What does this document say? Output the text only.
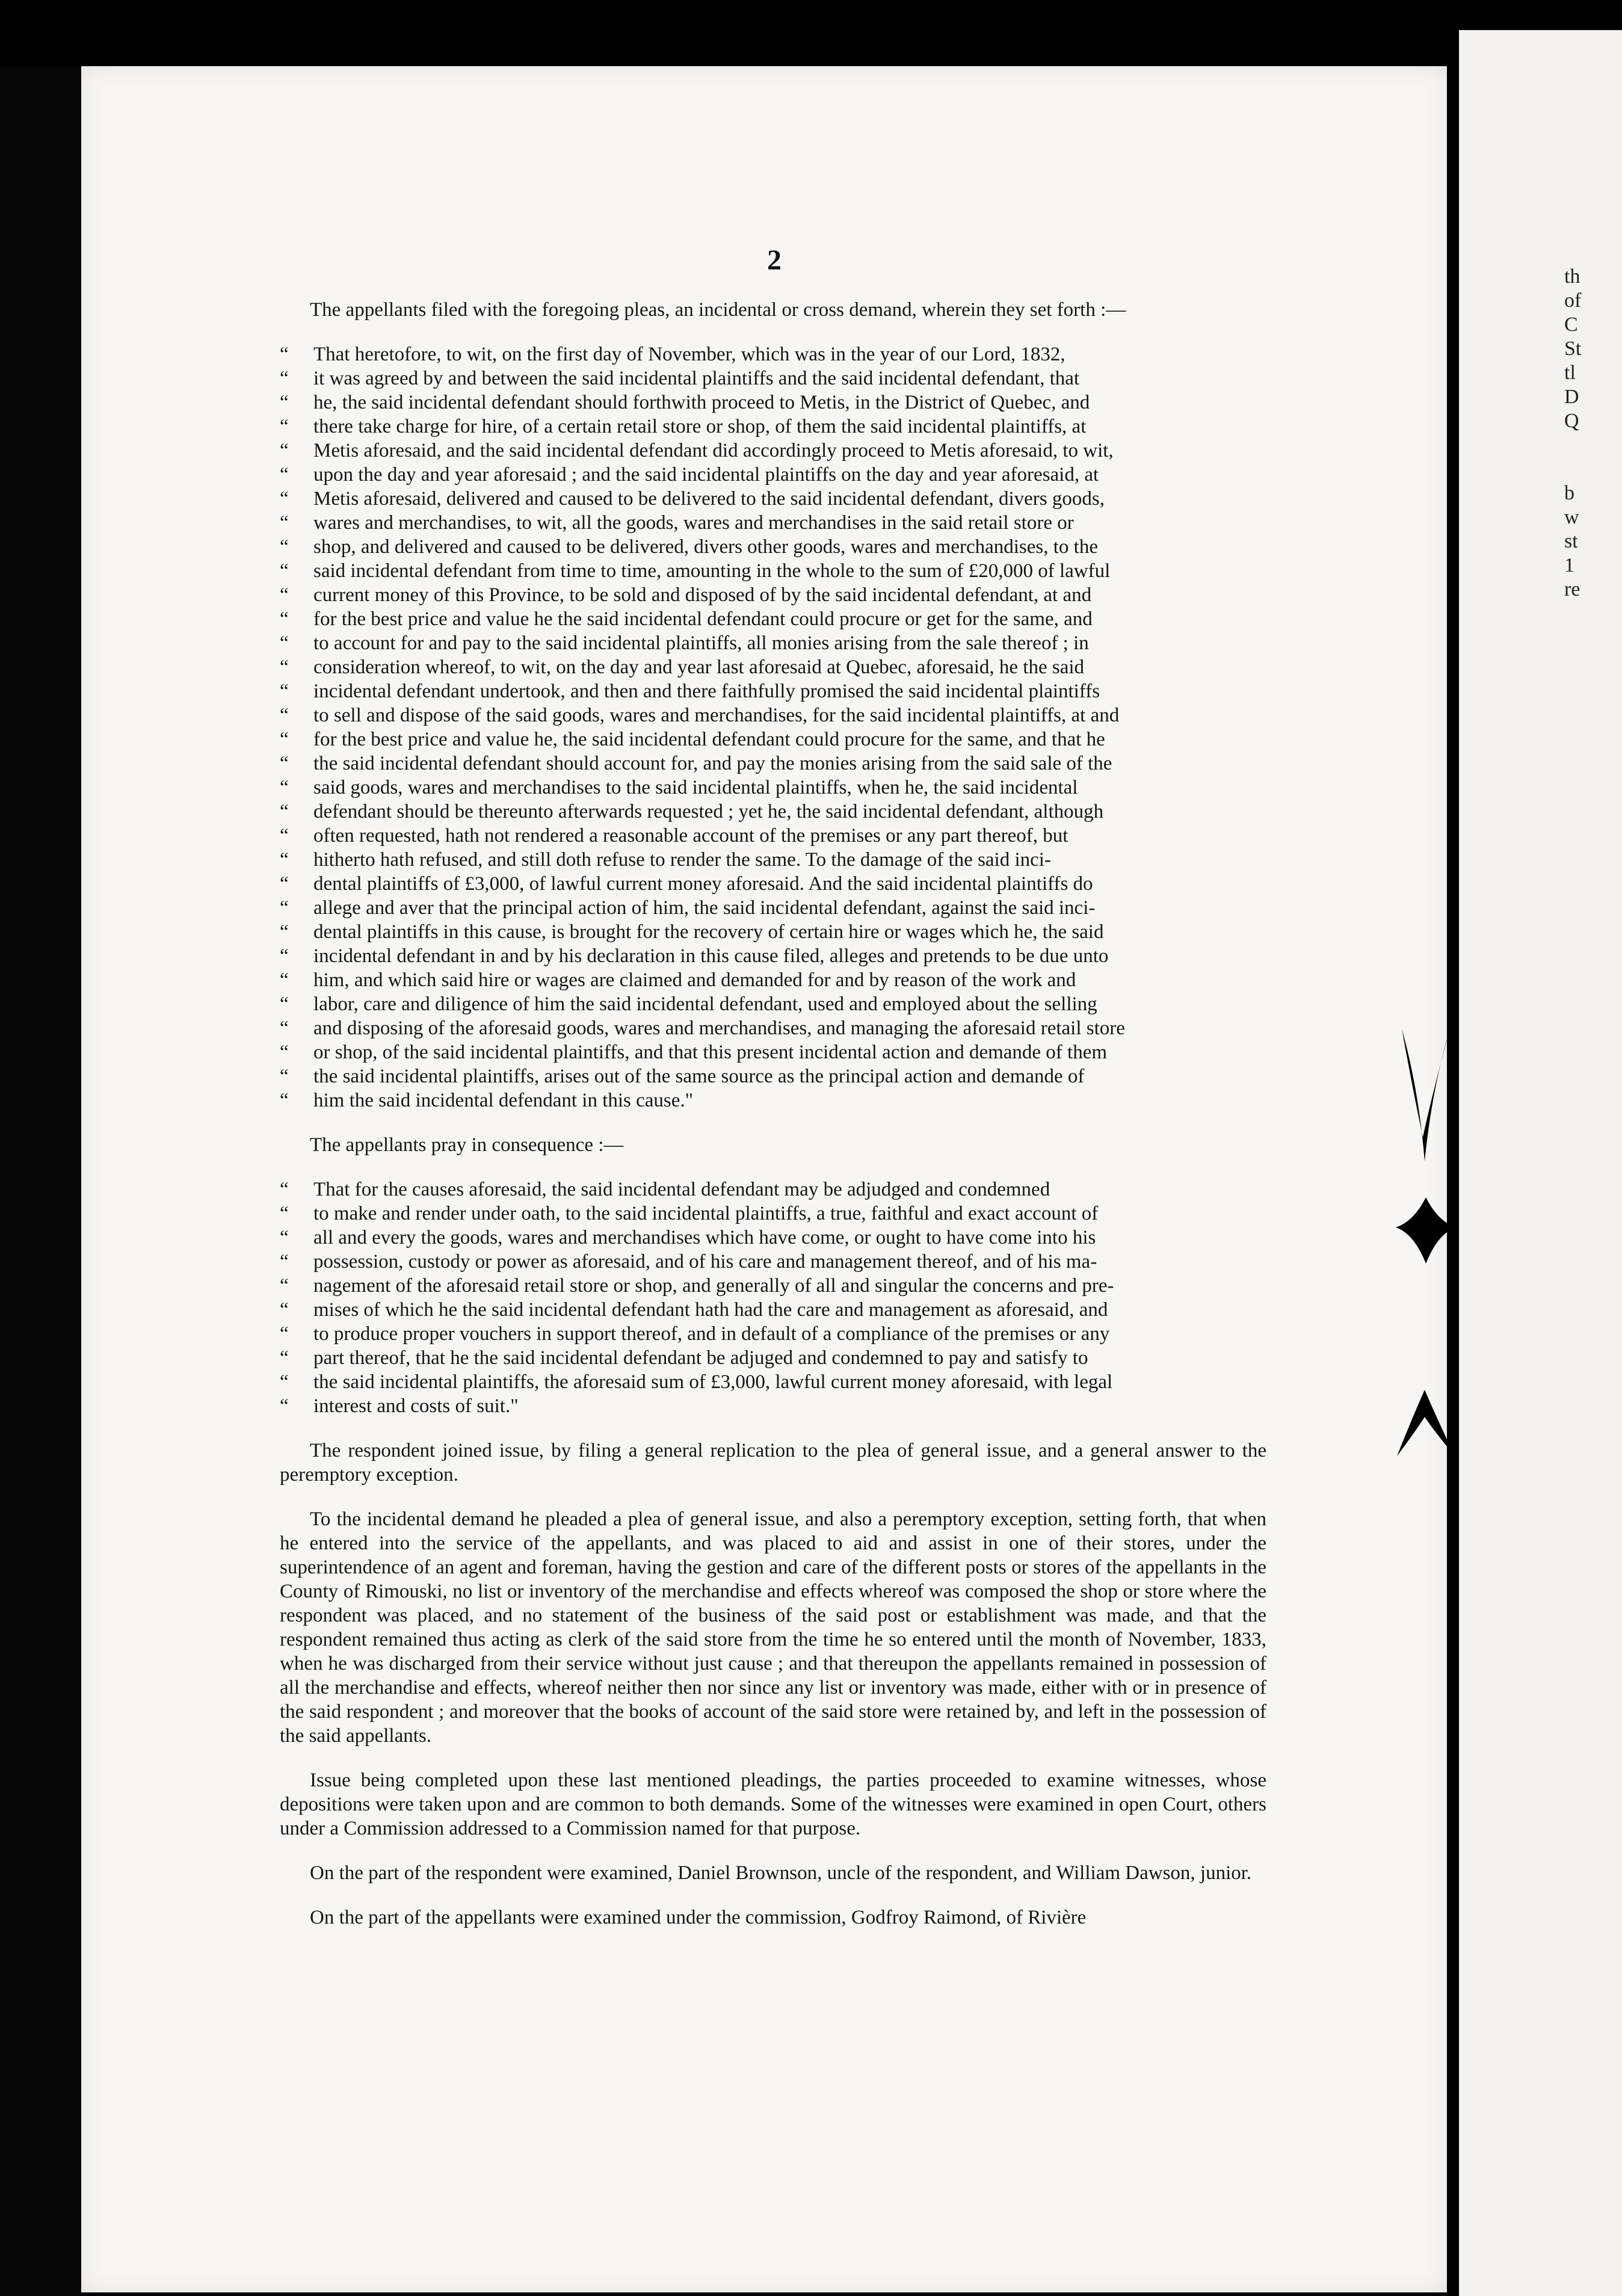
2

The appellants filed with the foregoing pleas, an incidental or cross demand, wherein they set forth :—

“ That heretofore, to wit, on the first day of November, which was in the year of our Lord, 1832,
“ it was agreed by and between the said incidental plaintiffs and the said incidental defendant, that
“ he, the said incidental defendant should forthwith proceed to Metis, in the District of Quebec, and
“ there take charge for hire, of a certain retail store or shop, of them the said incidental plaintiffs, at
“ Metis aforesaid, and the said incidental defendant did accordingly proceed to Metis aforesaid, to wit,
“ upon the day and year aforesaid ; and the said incidental plaintiffs on the day and year aforesaid, at
“ Metis aforesaid, delivered and caused to be delivered to the said incidental defendant, divers goods,
“ wares and merchandises, to wit, all the goods, wares and merchandises in the said retail store or
“ shop, and delivered and caused to be delivered, divers other goods, wares and merchandises, to the
“ said incidental defendant from time to time, amounting in the whole to the sum of £20,000 of lawful
“ current money of this Province, to be sold and disposed of by the said incidental defendant, at and
“ for the best price and value he the said incidental defendant could procure or get for the same, and
“ to account for and pay to the said incidental plaintiffs, all monies arising from the sale thereof ; in
“ consideration whereof, to wit, on the day and year last aforesaid at Quebec, aforesaid, he the said
“ incidental defendant undertook, and then and there faithfully promised the said incidental plaintiffs
“ to sell and dispose of the said goods, wares and merchandises, for the said incidental plaintiffs, at and
“ for the best price and value he, the said incidental defendant could procure for the same, and that he
“ the said incidental defendant should account for, and pay the monies arising from the said sale of the
“ said goods, wares and merchandises to the said incidental plaintiffs, when he, the said incidental
“ defendant should be thereunto afterwards requested ; yet he, the said incidental defendant, although
“ often requested, hath not rendered a reasonable account of the premises or any part thereof, but
“ hitherto hath refused, and still doth refuse to render the same. To the damage of the said inci-
“ dental plaintiffs of £3,000, of lawful current money aforesaid. And the said incidental plaintiffs do
“ allege and aver that the principal action of him, the said incidental defendant, against the said inci-
“ dental plaintiffs in this cause, is brought for the recovery of certain hire or wages which he, the said
“ incidental defendant in and by his declaration in this cause filed, alleges and pretends to be due unto
“ him, and which said hire or wages are claimed and demanded for and by reason of the work and
“ labor, care and diligence of him the said incidental defendant, used and employed about the selling
“ and disposing of the aforesaid goods, wares and merchandises, and managing the aforesaid retail store
“ or shop, of the said incidental plaintiffs, and that this present incidental action and demande of them
“ the said incidental plaintiffs, arises out of the same source as the principal action and demande of
“ him the said incidental defendant in this cause."

The appellants pray in consequence :—

“ That for the causes aforesaid, the said incidental defendant may be adjudged and condemned
“ to make and render under oath, to the said incidental plaintiffs, a true, faithful and exact account of
“ all and every the goods, wares and merchandises which have come, or ought to have come into his
“ possession, custody or power as aforesaid, and of his care and management thereof, and of his ma-
“ nagement of the aforesaid retail store or shop, and generally of all and singular the concerns and pre-
“ mises of which he the said incidental defendant hath had the care and management as aforesaid, and
“ to produce proper vouchers in support thereof, and in default of a compliance of the premises or any
“ part thereof, that he the said incidental defendant be adjuged and condemned to pay and satisfy to
“ the said incidental plaintiffs, the aforesaid sum of £3,000, lawful current money aforesaid, with legal
“ interest and costs of suit."

The respondent joined issue, by filing a general replication to the plea of general issue, and a general answer to the peremptory exception.

To the incidental demand he pleaded a plea of general issue, and also a peremptory exception, setting forth, that when he entered into the service of the appellants, and was placed to aid and assist in one of their stores, under the superintendence of an agent and foreman, having the gestion and care of the different posts or stores of the appellants in the County of Rimouski, no list or inventory of the merchandise and effects whereof was composed the shop or store where the respondent was placed, and no statement of the business of the said post or establishment was made, and that the respondent remained thus acting as clerk of the said store from the time he so entered until the month of November, 1833, when he was discharged from their service without just cause ; and that thereupon the appellants remained in possession of all the merchandise and effects, whereof neither then nor since any list or inventory was made, either with or in presence of the said respondent ; and moreover that the books of account of the said store were retained by, and left in the possession of the said appellants.

Issue being completed upon these last mentioned pleadings, the parties proceeded to examine witnesses, whose depositions were taken upon and are common to both demands. Some of the witnesses were examined in open Court, others under a Commission addressed to a Commission named for that purpose.

On the part of the respondent were examined, Daniel Brownson, uncle of the respondent, and William Dawson, junior.

On the part of the appellants were examined under the commission, Godfroy Raimond, of Rivière

th
of
C
St
tl
D
Q
b
w
st
1
re
